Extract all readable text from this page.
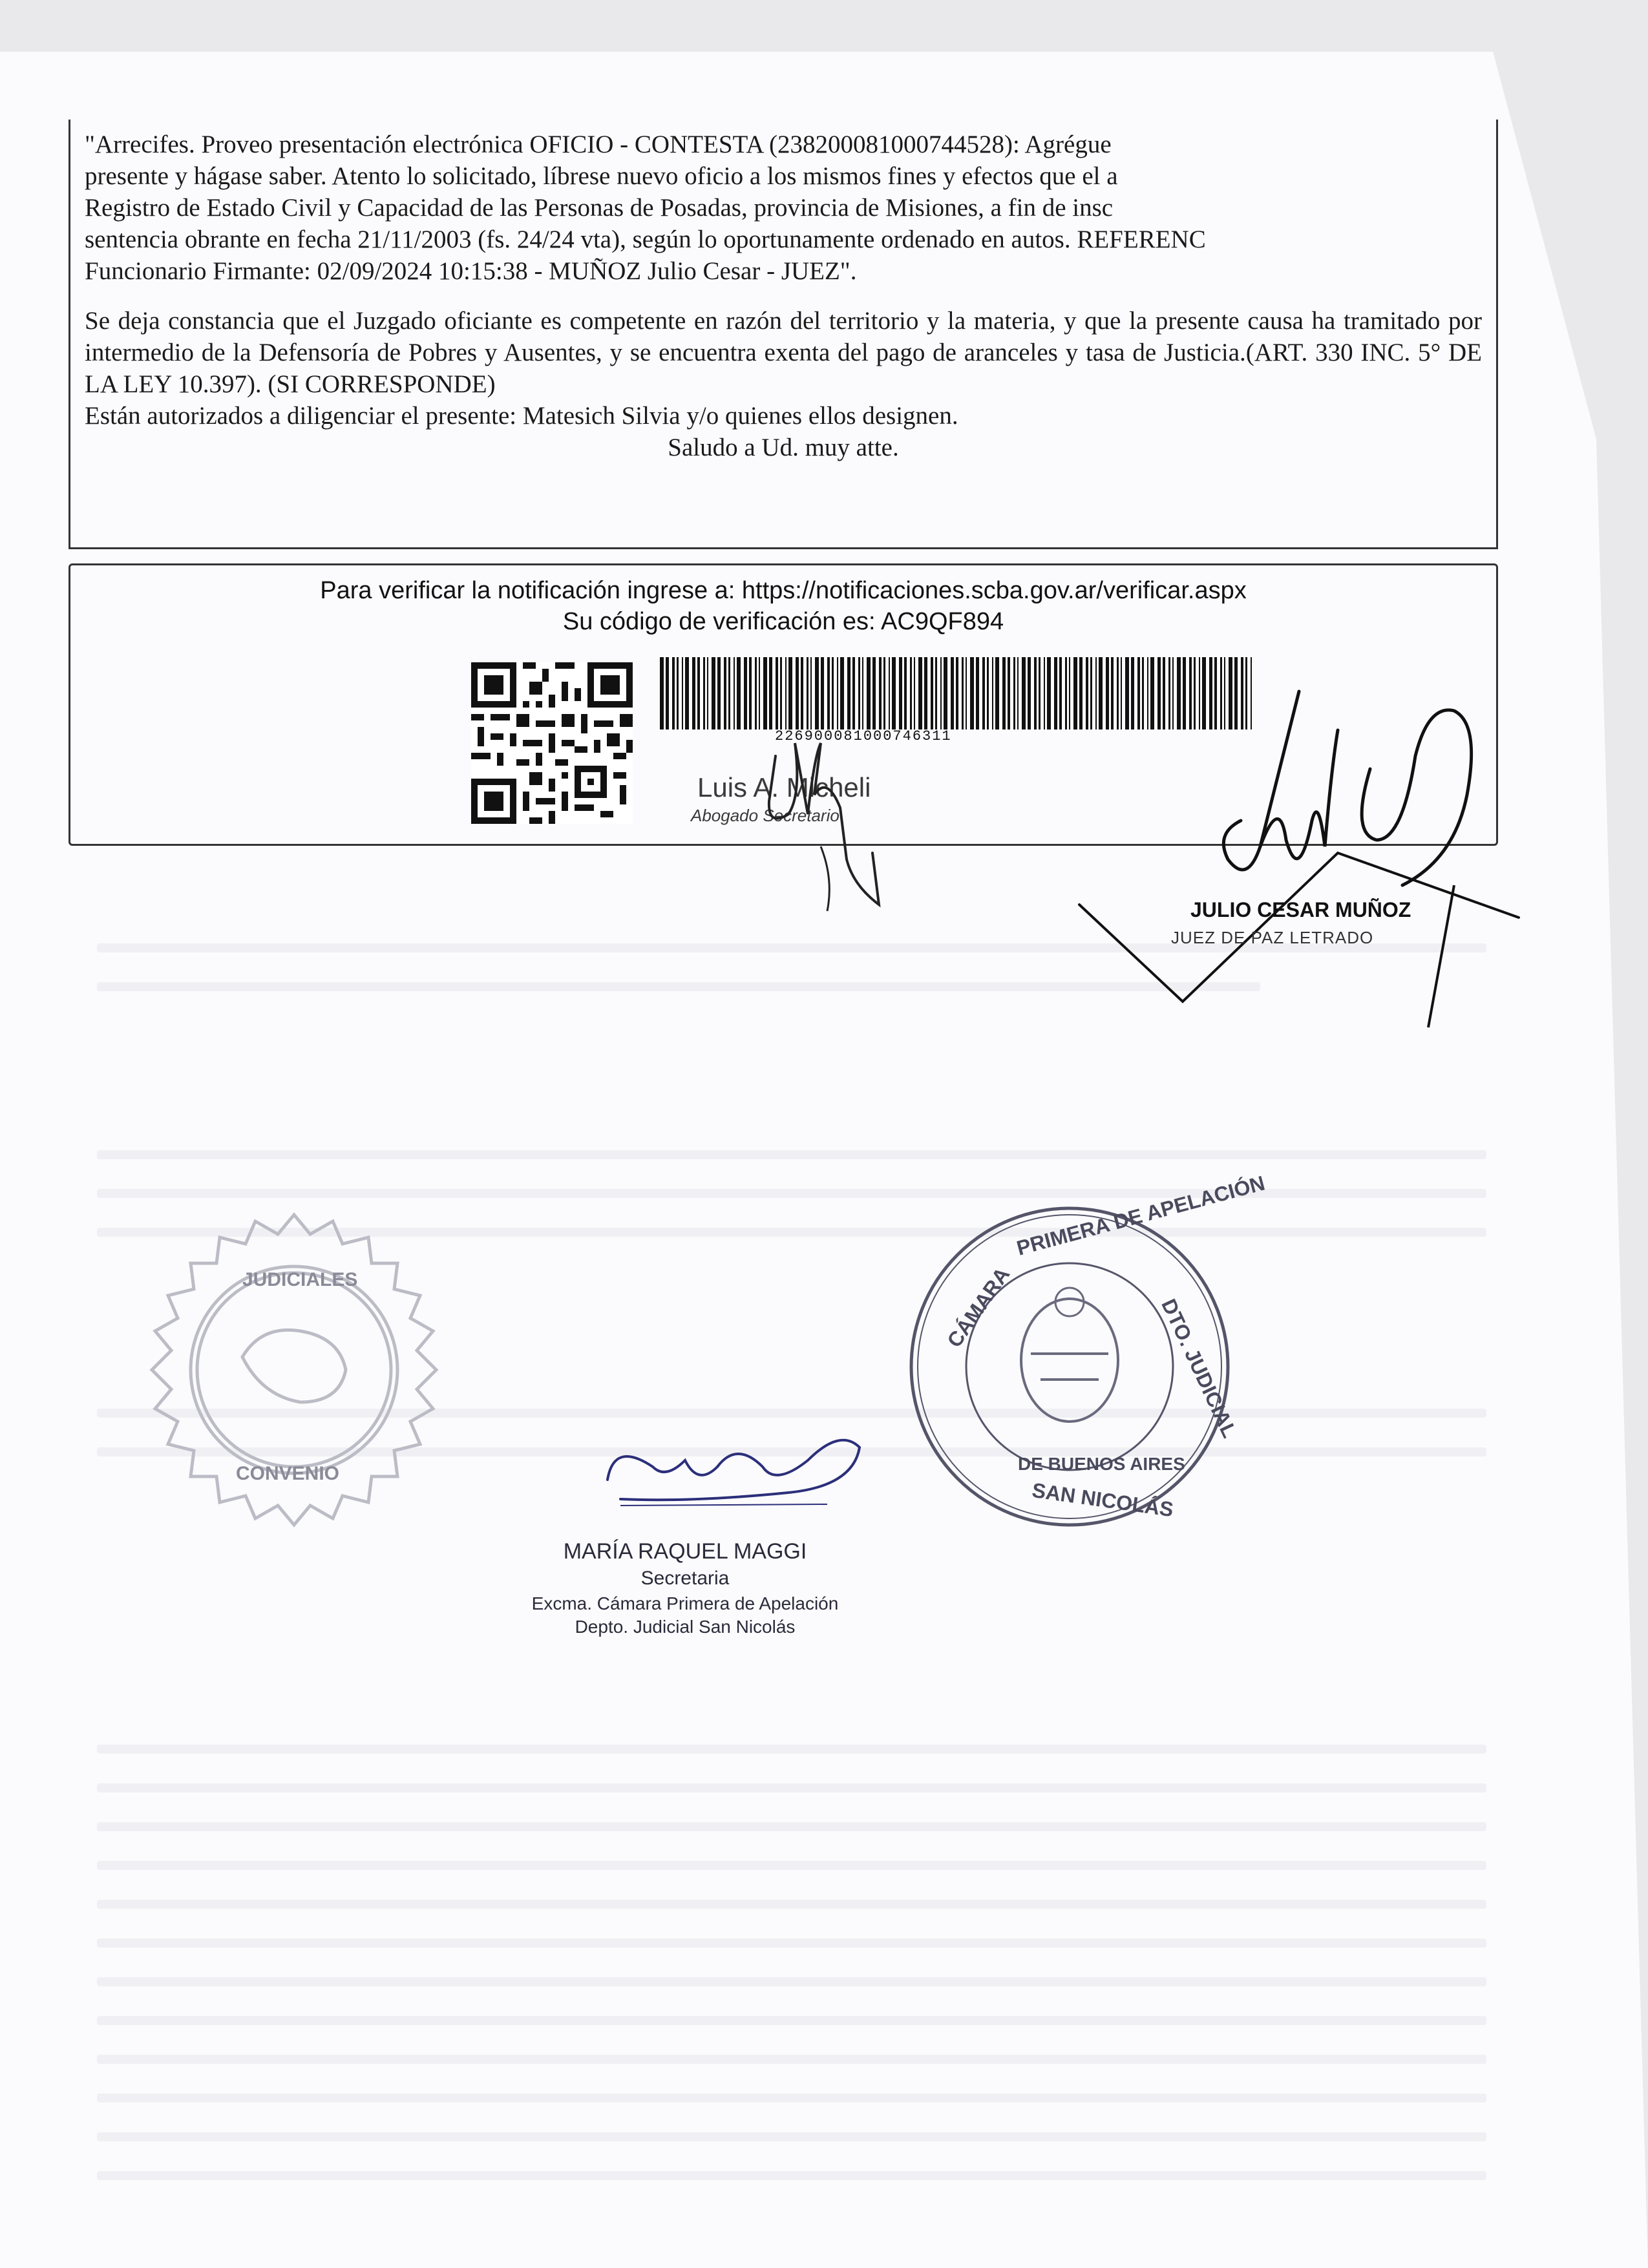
"Arrecifes. Proveo presentación electrónica OFICIO - CONTESTA (238200081000744528): Agrégue
presente y hágase saber. Atento lo solicitado, líbrese nuevo oficio a los mismos fines y efectos que el a
Registro de Estado Civil y Capacidad de las Personas de Posadas, provincia de Misiones, a fin de insc
sentencia obrante en fecha 21/11/2003 (fs. 24/24 vta), según lo oportunamente ordenado en autos. REFERENC
Funcionario Firmante: 02/09/2024 10:15:38 - MUÑOZ Julio Cesar - JUEZ".

Se deja constancia que el Juzgado oficiante es competente en razón del territorio y la materia, y que la presente causa ha tramitado por intermedio de la Defensoría de Pobres y Ausentes, y se encuentra exenta del pago de aranceles y tasa de Justicia.(ART. 330 INC. 5° DE LA LEY 10.397). (SI CORRESPONDE)

Están autorizados a diligenciar el presente: Matesich Silvia y/o quienes ellos designen.

Saludo a Ud. muy atte.

Para verificar la notificación ingrese a: https://notificaciones.scba.gov.ar/verificar.aspx
Su código de verificación es: AC9QF894
226900081000746311
Luis A. Micheli
Abogado Secretario
JULIO CESAR MUÑOZ
JUEZ DE PAZ LETRADO
JUDICIALES
CONVENIO
CÁMARA
PRIMERA DE APELACIÓN
DTO. JUDICIAL
SAN NICOLÁS
DE BUENOS AIRES
MARÍA RAQUEL MAGGI
Secretaria
Excma. Cámara Primera de Apelación
Depto. Judicial San Nicolás
